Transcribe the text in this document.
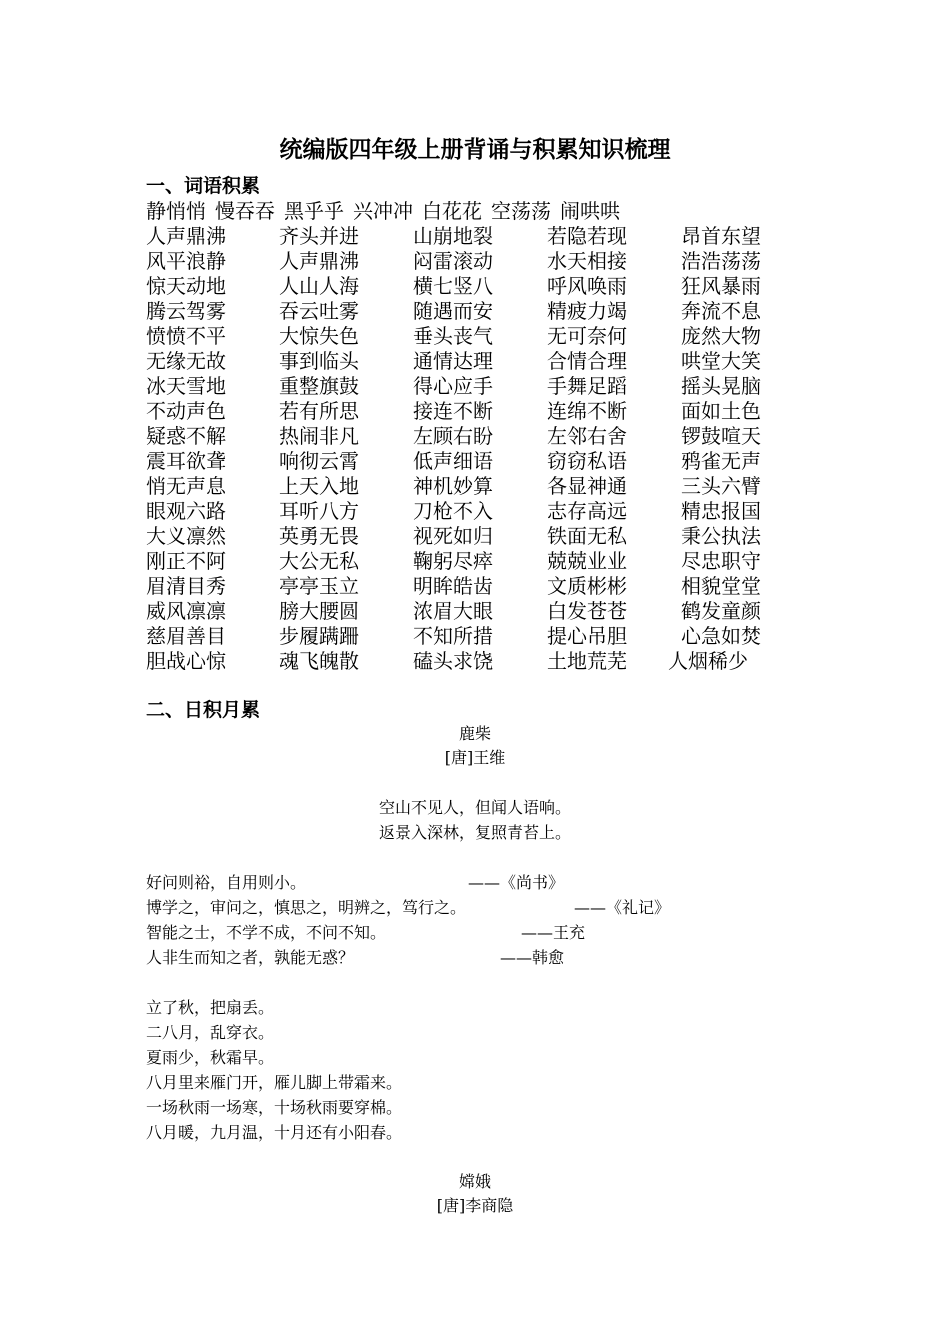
统编版四年级上册背诵与积累知识梳理
一、词语积累
静悄悄 慢吞吞 黑乎乎 兴冲冲 白花花 空荡荡 闹哄哄
人声鼎沸	齐头并进	山崩地裂	若隐若现	昂首东望
风平浪静	人声鼎沸	闷雷滚动	水天相接	浩浩荡荡
惊天动地	人山人海	横七竖八	呼风唤雨	狂风暴雨
腾云驾雾	吞云吐雾	随遇而安	精疲力竭	奔流不息
愤愤不平	大惊失色	垂头丧气	无可奈何	庞然大物
无缘无故	事到临头	通情达理	合情合理	哄堂大笑
冰天雪地	重整旗鼓	得心应手	手舞足蹈	摇头晃脑
不动声色	若有所思	接连不断	连绵不断	面如土色
疑惑不解	热闹非凡	左顾右盼	左邻右舍	锣鼓喧天
震耳欲聋	响彻云霄	低声细语	窃窃私语	鸦雀无声
悄无声息	上天入地	神机妙算	各显神通	三头六臂
眼观六路	耳听八方	刀枪不入	志存高远	精忠报国
大义凛然	英勇无畏	视死如归	铁面无私	秉公执法
刚正不阿	大公无私	鞠躬尽瘁	兢兢业业	尽忠职守
眉清目秀	亭亭玉立	明眸皓齿	文质彬彬	相貌堂堂
威风凛凛	膀大腰圆	浓眉大眼	白发苍苍	鹤发童颜
慈眉善目	步履蹒跚	不知所措	提心吊胆	心急如焚
胆战心惊	魂飞魄散	磕头求饶	土地荒芜 人烟稀少
二、日积月累
鹿柴
[唐]王维
空山不见人，但闻人语响。
返景入深林，复照青苔上。
好问则裕，自用则小。	——《尚书》
博学之，审问之，慎思之，明辨之，笃行之。	——《礼记》
智能之士，不学不成，不问不知。	——王充
人非生而知之者，孰能无惑？	——韩愈
立了秋，把扇丢。
二八月，乱穿衣。
夏雨少，秋霜早。
八月里来雁门开，雁儿脚上带霜来。
一场秋雨一场寒，十场秋雨要穿棉。
八月暖，九月温，十月还有小阳春。
嫦娥
[唐]李商隐
